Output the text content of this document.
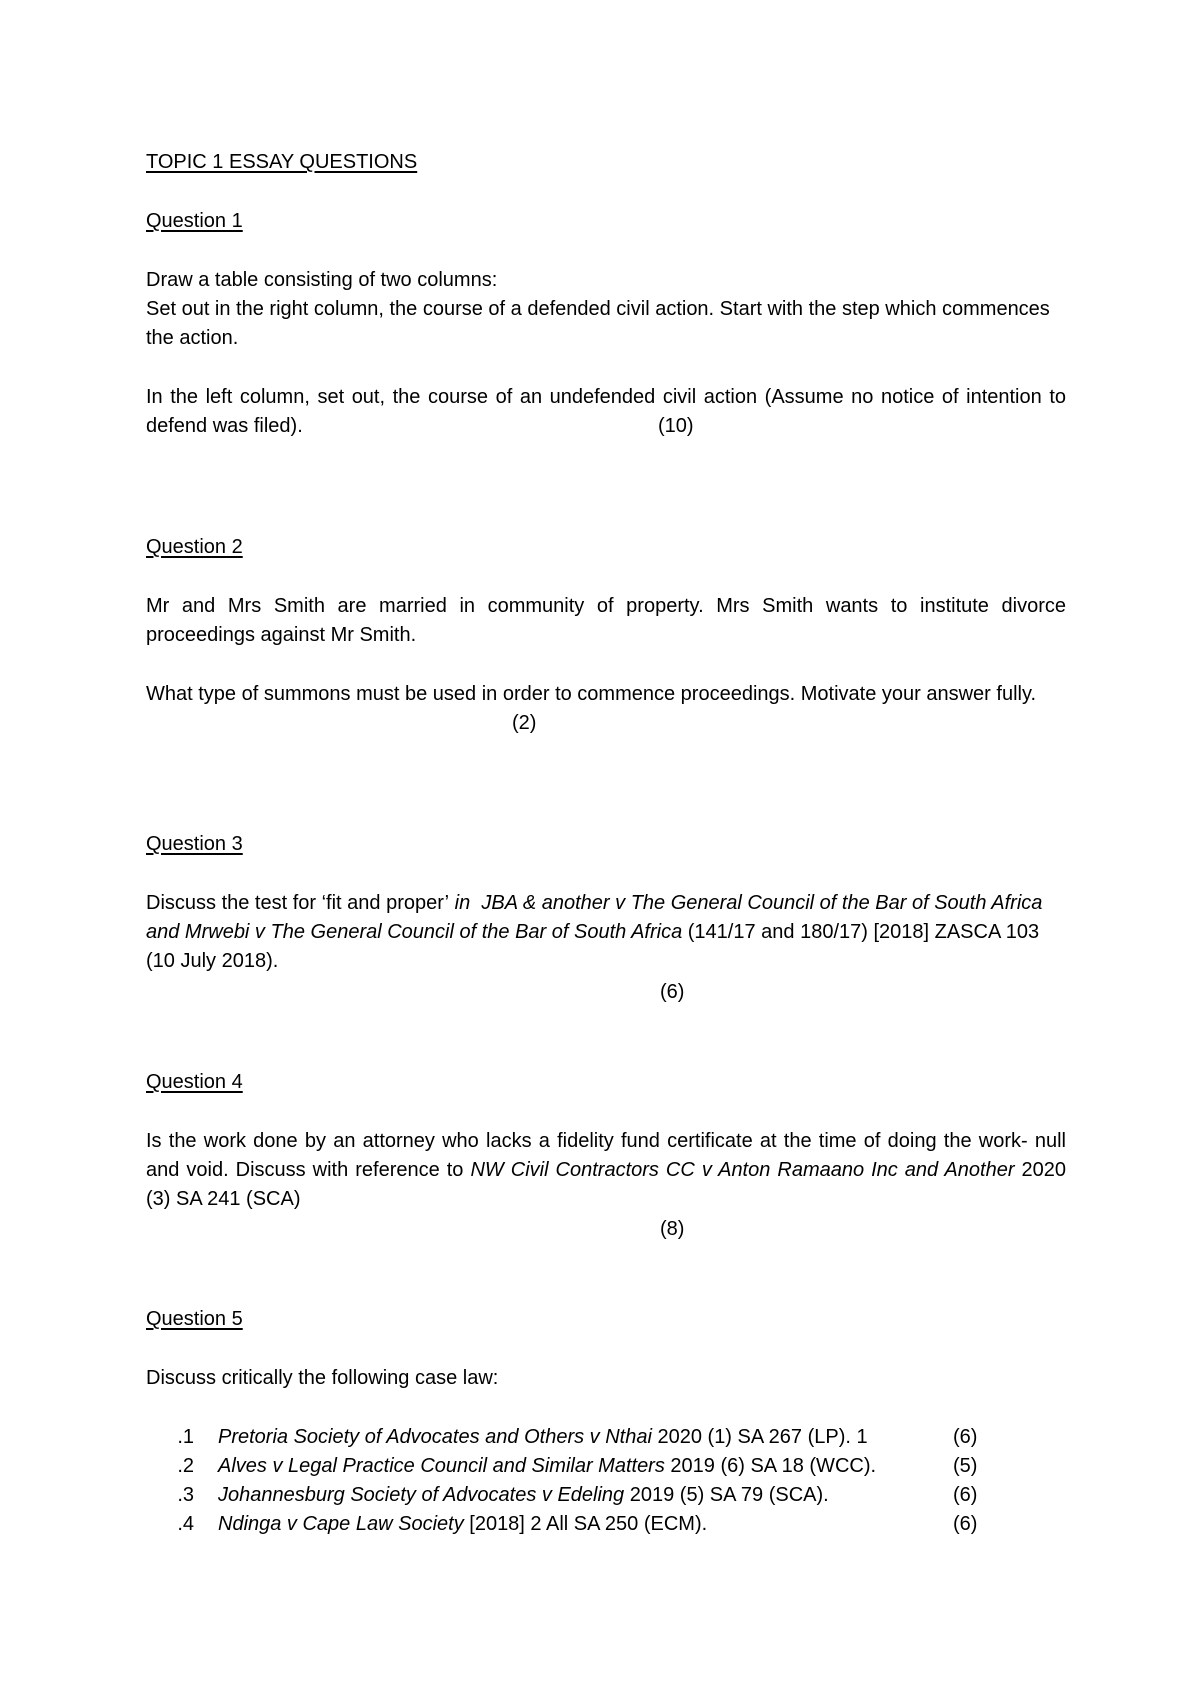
TOPIC 1 ESSAY QUESTIONS

Question 1

Draw a table consisting of two columns:

Set out in the right column, the course of a defended civil action. Start with the step which commences the action.

In the left column, set out, the course of an undefended civil action (Assume no notice of intention to defend was filed).	(10)

Question 2

Mr and Mrs Smith are married in community of property. Mrs Smith wants to institute divorce proceedings against Mr Smith.

What type of summons must be used in order to commence proceedings. Motivate your answer fully.

(2)

Question 3

Discuss the test for ‘fit and proper’ in  JBA & another v The General Council of the Bar of South Africa and Mrwebi v The General Council of the Bar of South Africa (141/17 and 180/17) [2018] ZASCA 103 (10 July 2018).

(6)

Question 4

Is the work done by an attorney who lacks a fidelity fund certificate at the time of doing the work- null and void. Discuss with reference to NW Civil Contractors CC v Anton Ramaano Inc and Another 2020 (3) SA 241 (SCA)

(8)

Question 5

Discuss critically the following case law:

1. Pretoria Society of Advocates and Others v Nthai 2020 (1) SA 267 (LP). 1	(6)
2. Alves v Legal Practice Council and Similar Matters 2019 (6) SA 18 (WCC).	(5)
3. Johannesburg Society of Advocates v Edeling 2019 (5) SA 79 (SCA).	(6)
4. Ndinga v Cape Law Society [2018] 2 All SA 250 (ECM).	(6)
